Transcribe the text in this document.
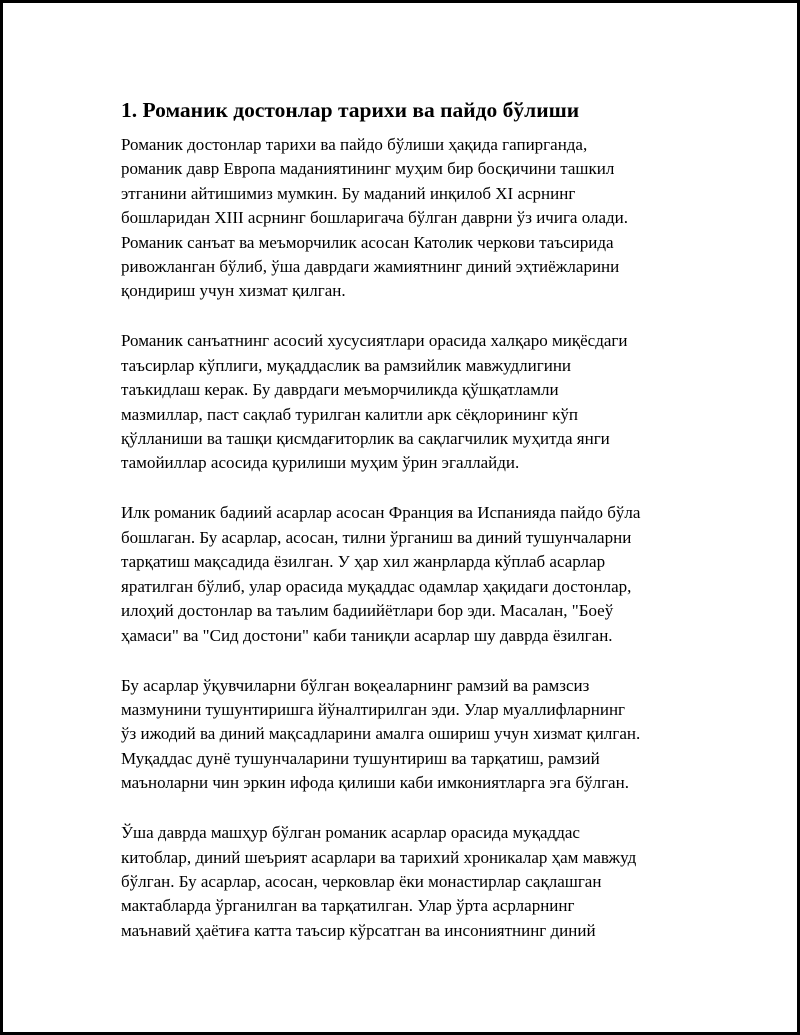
1. Романик достонлар тарихи ва пайдо бўлиши
Романик достонлар тарихи ва пайдо бўлиши ҳақида гапирганда,
романик давр Европа маданиятининг муҳим бир босқичини ташкил
этганини айтишимиз мумкин. Бу маданий инқилоб XI асрнинг
бошларидан XIII асрнинг бошларигача бўлган даврни ўз ичига олади.
Романик санъат ва меъморчилик асосан Католик черкови таъсирида
ривожланган бўлиб, ўша даврдаги жамиятнинг диний эҳтиёжларини
қондириш учун хизмат қилган.
Романик санъатнинг асосий хусусиятлари орасида халқаро миқёсдаги
таъсирлар кўплиги, муқаддаслик ва рамзийлик мавжудлигини
таъкидлаш керак. Бу даврдаги меъморчиликда қўшқатламли
мазмиллар, паст сақлаб турилган калитли арк сёқлорининг кўп
қўлланиши ва ташқи қисмдағиторлик ва сақлагчилик муҳитда янги
тамойиллар асосида қурилиши муҳим ўрин эгаллайди.
Илк романик бадиий асарлар асосан Франция ва Испанияда пайдо бўла
бошлаган. Бу асарлар, асосан, тилни ўрганиш ва диний тушунчаларни
тарқатиш мақсадида ёзилган. У ҳар хил жанрларда кўплаб асарлар
яратилган бўлиб, улар орасида муқаддас одамлар ҳақидаги достонлар,
илоҳий достонлар ва таълим бадиийётлари бор эди. Масалан, "Боеў
ҳамаси" ва "Сид достони" каби таниқли асарлар шу даврда ёзилган.
Бу асарлар ўқувчиларни бўлган воқеаларнинг рамзий ва рамзсиз
мазмунини тушунтиришга йўналтирилган эди. Улар муаллифларнинг
ўз ижодий ва диний мақсадларини амалга ошириш учун хизмат қилган.
Муқаддас дунё тушунчаларини тушунтириш ва тарқатиш, рамзий
маъноларни чин эркин ифода қилиши каби имкониятларга эга бўлган.
Ўша даврда машҳур бўлган романик асарлар орасида муқаддас
китоблар, диний шеърият асарлари ва тарихий хроникалар ҳам мавжуд
бўлган. Бу асарлар, асосан, черковлар ёки монастирлар сақлашган
мактабларда ўрганилган ва тарқатилган. Улар ўрта асрларнинг
маънавий ҳаётиға катта таъсир кўрсатган ва инсониятнинг диний
